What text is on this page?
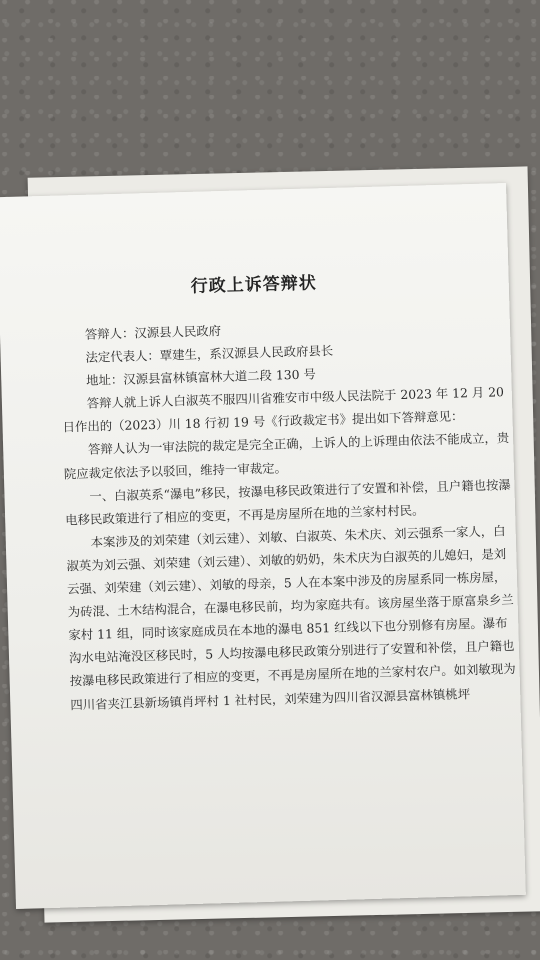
行政上诉答辩状

答辩人：汉源县人民政府

法定代表人：覃建生，系汉源县人民政府县长

地址：汉源县富林镇富林大道二段 130 号

答辩人就上诉人白淑英不服四川省雅安市中级人民法院于 2023 年 12 月 20 日作出的（2023）川 18 行初 19 号《行政裁定书》提出如下答辩意见：

答辩人认为一审法院的裁定是完全正确，上诉人的上诉理由依法不能成立，贵院应裁定依法予以驳回，维持一审裁定。

一、白淑英系“瀑电”移民，按瀑电移民政策进行了安置和补偿，且户籍也按瀑电移民政策进行了相应的变更，不再是房屋所在地的兰家村村民。

本案涉及的刘荣建（刘云建）、刘敏、白淑英、朱术庆、刘云强系一家人，白淑英为刘云强、刘荣建（刘云建）、刘敏的奶奶，朱术庆为白淑英的儿媳妇，是刘云强、刘荣建（刘云建）、刘敏的母亲，5 人在本案中涉及的房屋系同一栋房屋，为砖混、土木结构混合，在瀑电移民前，均为家庭共有。该房屋坐落于原富泉乡兰家村 11 组，同时该家庭成员在本地的瀑电 851 红线以下也分别修有房屋。瀑布沟水电站淹没区移民时，5 人均按瀑电移民政策分别进行了安置和补偿，且户籍也按瀑电移民政策进行了相应的变更，不再是房屋所在地的兰家村农户。如刘敏现为四川省夹江县新场镇肖坪村 1 社村民，刘荣建为四川省汉源县富林镇桃坪
